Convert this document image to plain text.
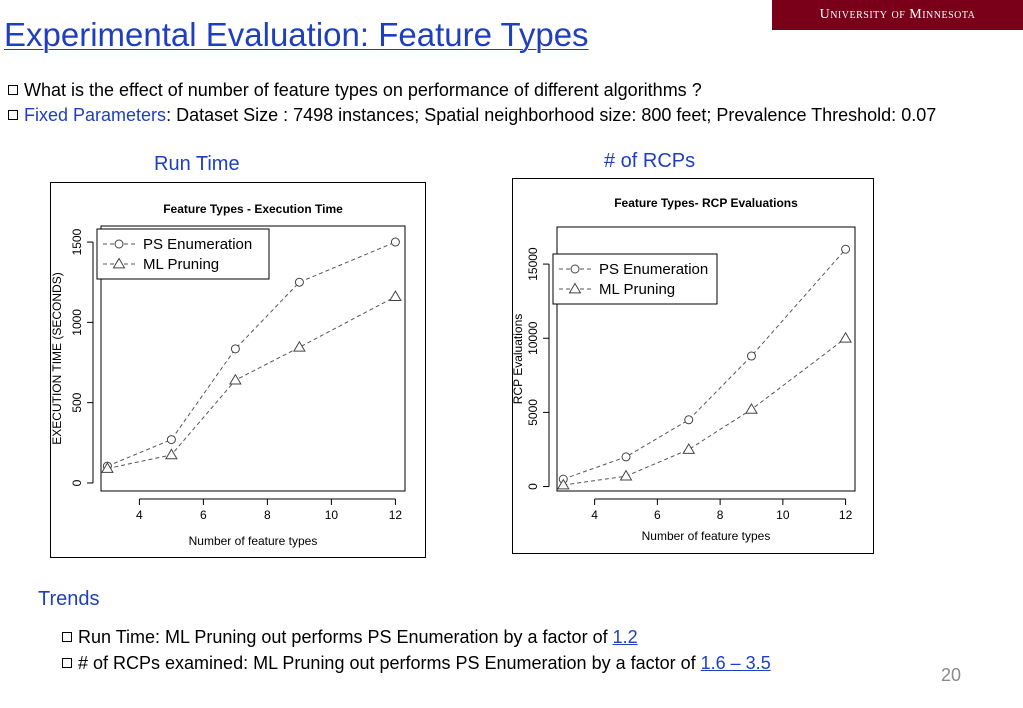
Experimental Evaluation: Feature Types
University of Minnesota
What is the effect of number of feature types on performance of different algorithms ?
Fixed Parameters: Dataset Size : 7498 instances; Spatial neighborhood size: 800 feet; Prevalence Threshold: 0.07
Run Time	# of RCPs
Feature Types - Execution Time
4	6	8	10	12
0
500
1000
1500
Number of feature types
EXECUTION TIME (SECONDS)
PS Enumeration
ML Pruning
Feature Types- RCP Evaluations
4	6	8	10	12
0
5000
10000
15000
Number of feature types
RCP Evaluations
PS Enumeration
ML Pruning
Trends
Run Time: ML Pruning out performs PS Enumeration by a factor of 1.2
# of RCPs examined: ML Pruning out performs PS Enumeration by a factor of 1.6 – 3.5
20
